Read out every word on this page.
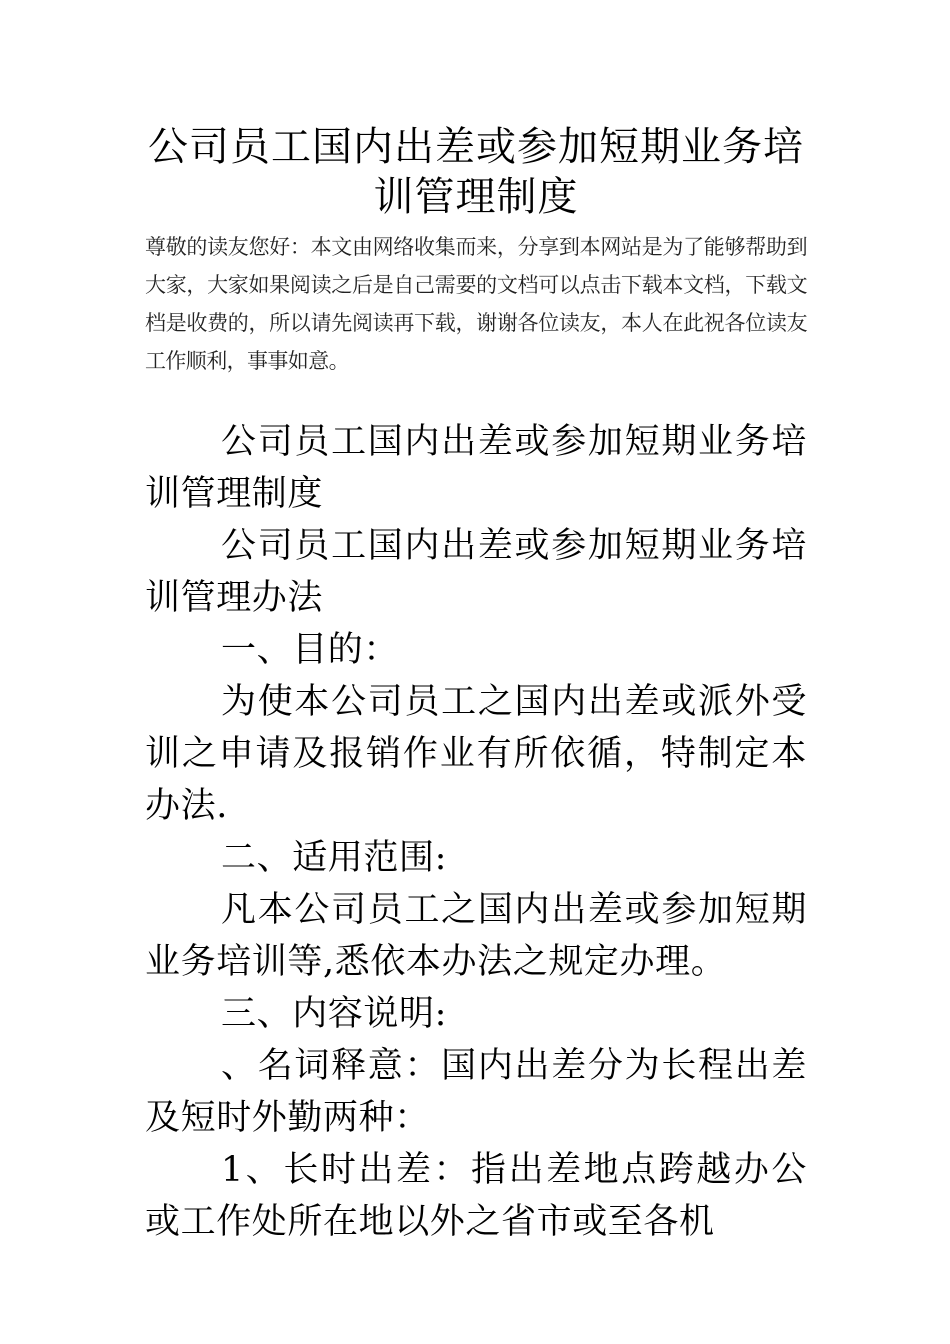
公司员工国内出差或参加短期业务培训管理制度

尊敬的读友您好：本文由网络收集而来，分享到本网站是为了能够帮助到大家，大家如果阅读之后是自己需要的文档可以点击下载本文档，下载文档是收费的，所以请先阅读再下载，谢谢各位读友，本人在此祝各位读友工作顺利，事事如意。

公司员工国内出差或参加短期业务培训管理制度

公司员工国内出差或参加短期业务培训管理办法

一、目的：

为使本公司员工之国内出差或派外受训之申请及报销作业有所依循，特制定本办法.

二、适用范围:

凡本公司员工之国内出差或参加短期业务培训等,悉依本办法之规定办理。

三、内容说明:

、名词释意：国内出差分为长程出差及短时外勤两种：

1、长时出差：指出差地点跨越办公或工作处所在地以外之省市或至各机
